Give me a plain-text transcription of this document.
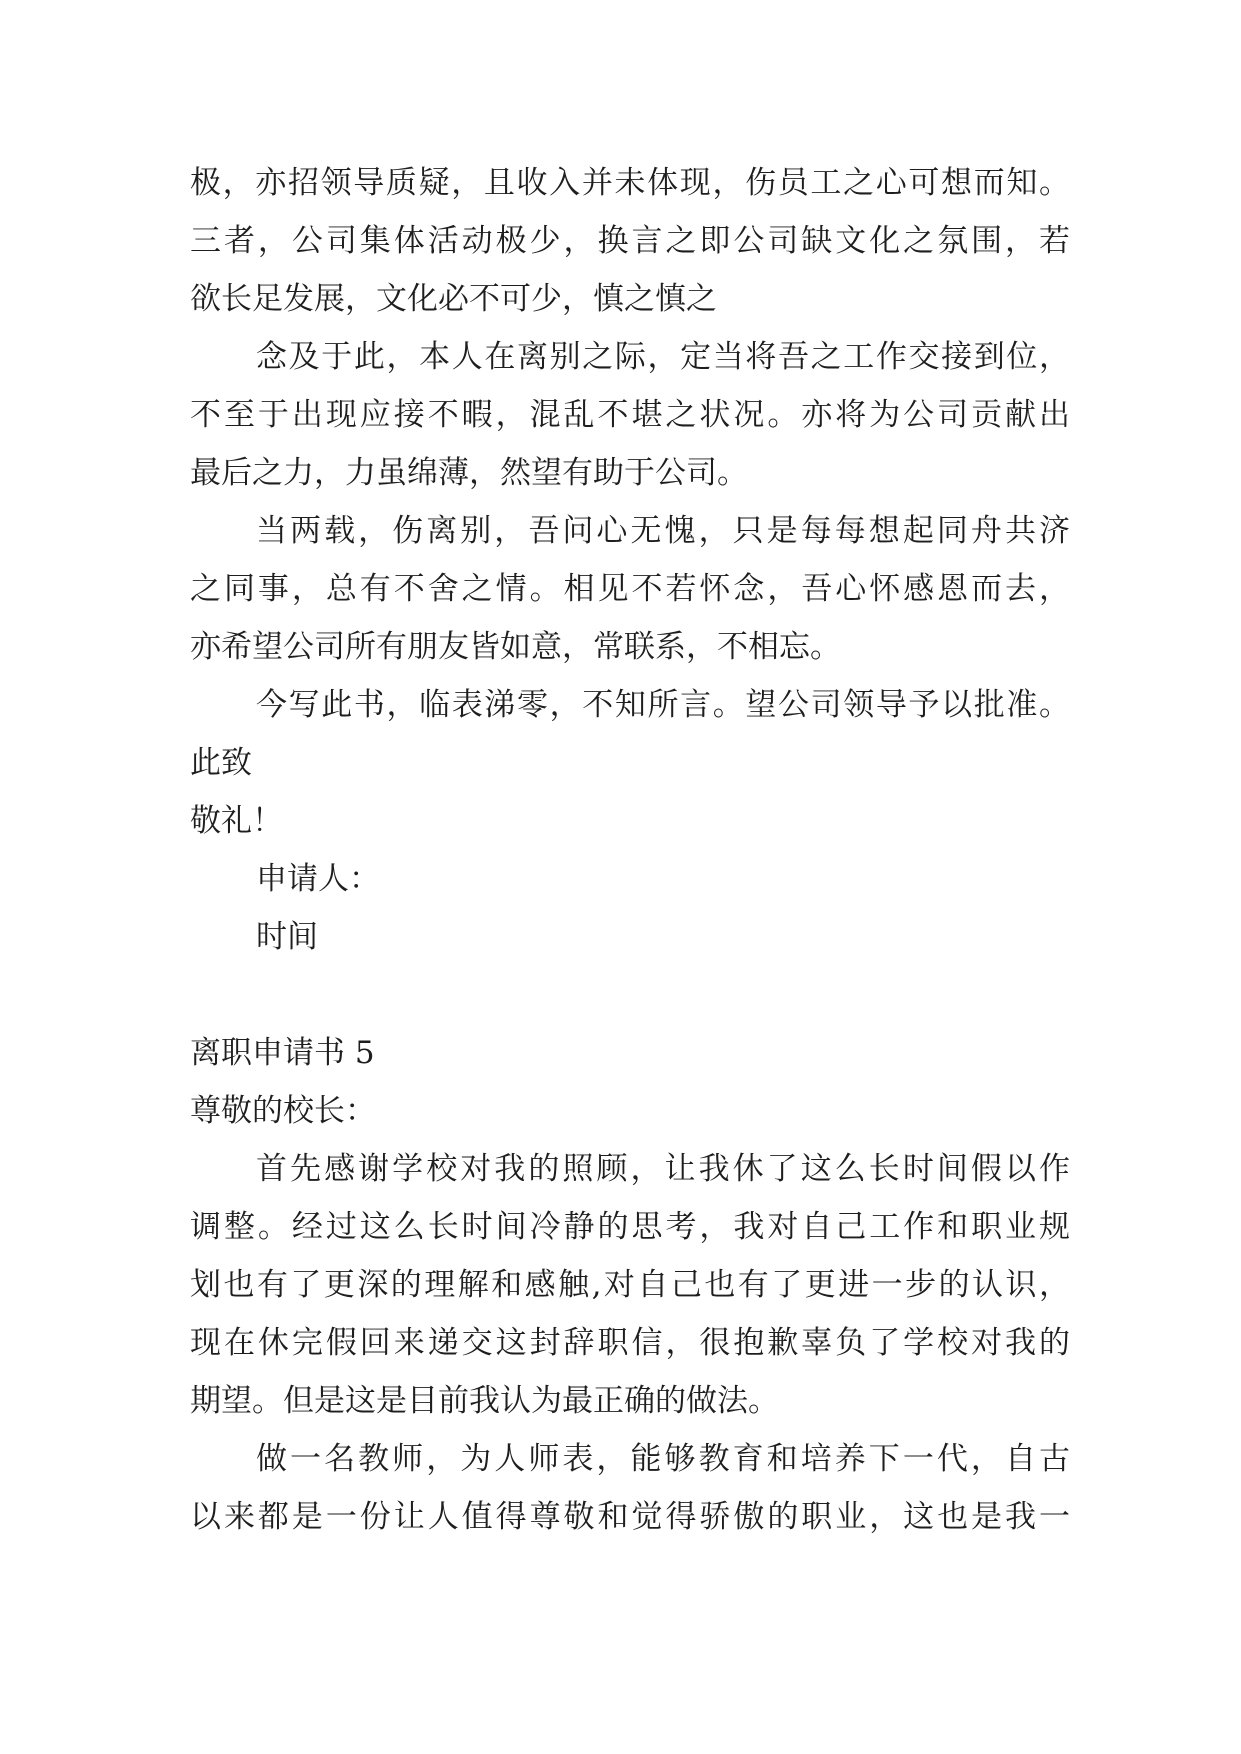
极，亦招领导质疑，且收入并未体现，伤员工之心可想而知。
三者，公司集体活动极少，换言之即公司缺文化之氛围，若
欲长足发展，文化必不可少，慎之慎之
念及于此，本人在离别之际，定当将吾之工作交接到位，
不至于出现应接不暇，混乱不堪之状况。亦将为公司贡献出
最后之力，力虽绵薄，然望有助于公司。
当两载，伤离别，吾问心无愧，只是每每想起同舟共济
之同事，总有不舍之情。相见不若怀念，吾心怀感恩而去，
亦希望公司所有朋友皆如意，常联系，不相忘。
今写此书，临表涕零，不知所言。望公司领导予以批准。
此致
敬礼！
申请人：
时间
离职申请书 5
尊敬的校长：
首先感谢学校对我的照顾，让我休了这么长时间假以作
调整。经过这么长时间冷静的思考，我对自己工作和职业规
划也有了更深的理解和感触,对自己也有了更进一步的认识，
现在休完假回来递交这封辞职信，很抱歉辜负了学校对我的
期望。但是这是目前我认为最正确的做法。
做一名教师，为人师表，能够教育和培养下一代，自古
以来都是一份让人值得尊敬和觉得骄傲的职业，这也是我一
